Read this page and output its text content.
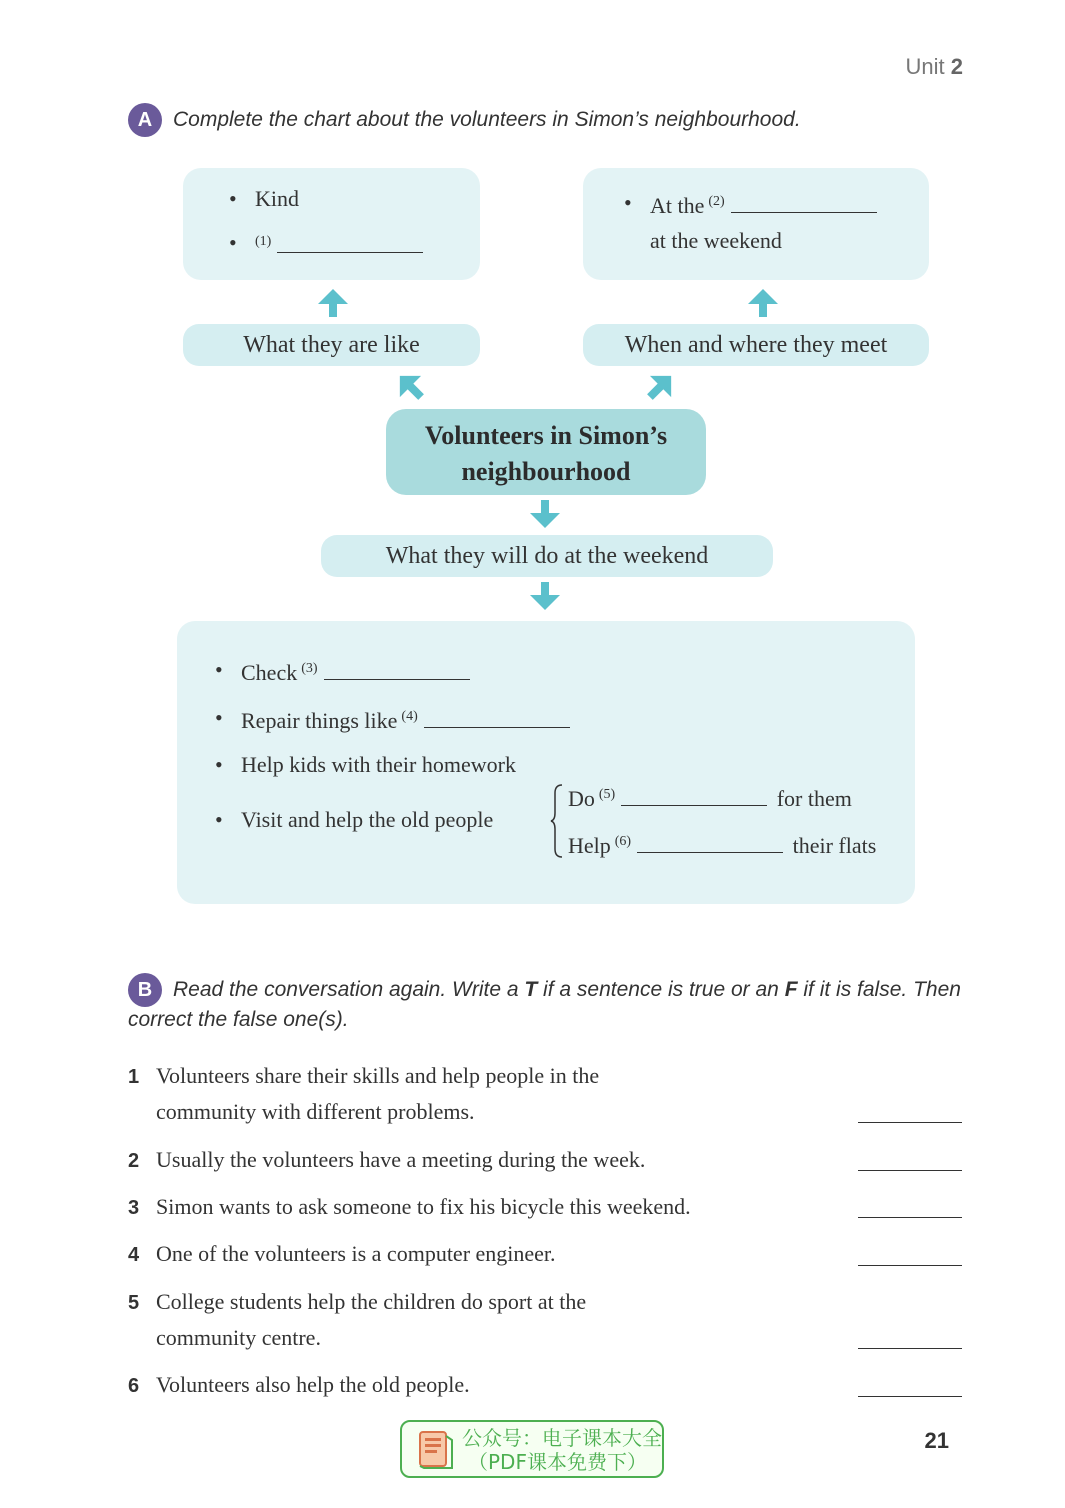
Unit 2
A Complete the chart about the volunteers in Simon’s neighbourhood.
• Kind
• $^{(1)}$
• At the $^{(2)}$
at the weekend
What they are like	When and where they meet
Volunteers in Simon’s
neighbourhood
What they will do at the weekend
• Check $^{(3)}$
• Repair things like $^{(4)}$
• Help kids with their homework
• Visit and help the old people
Do $^{(5)}$	for them
Help $^{(6)}$	their flats
B Read the conversation again. Write a T if a sentence is true or an F if it is false. Then
correct the false one(s).
1 Volunteers share their skills and help people in the
community with different problems.
2 Usually the volunteers have a meeting during the week.
3 Simon wants to ask someone to fix his bicycle this weekend.
4 One of the volunteers is a computer engineer.
5 College students help the children do sport at the
community centre.
6 Volunteers also help the old people.
公众号：电子课本大全
（PDF课本免费下）
21
